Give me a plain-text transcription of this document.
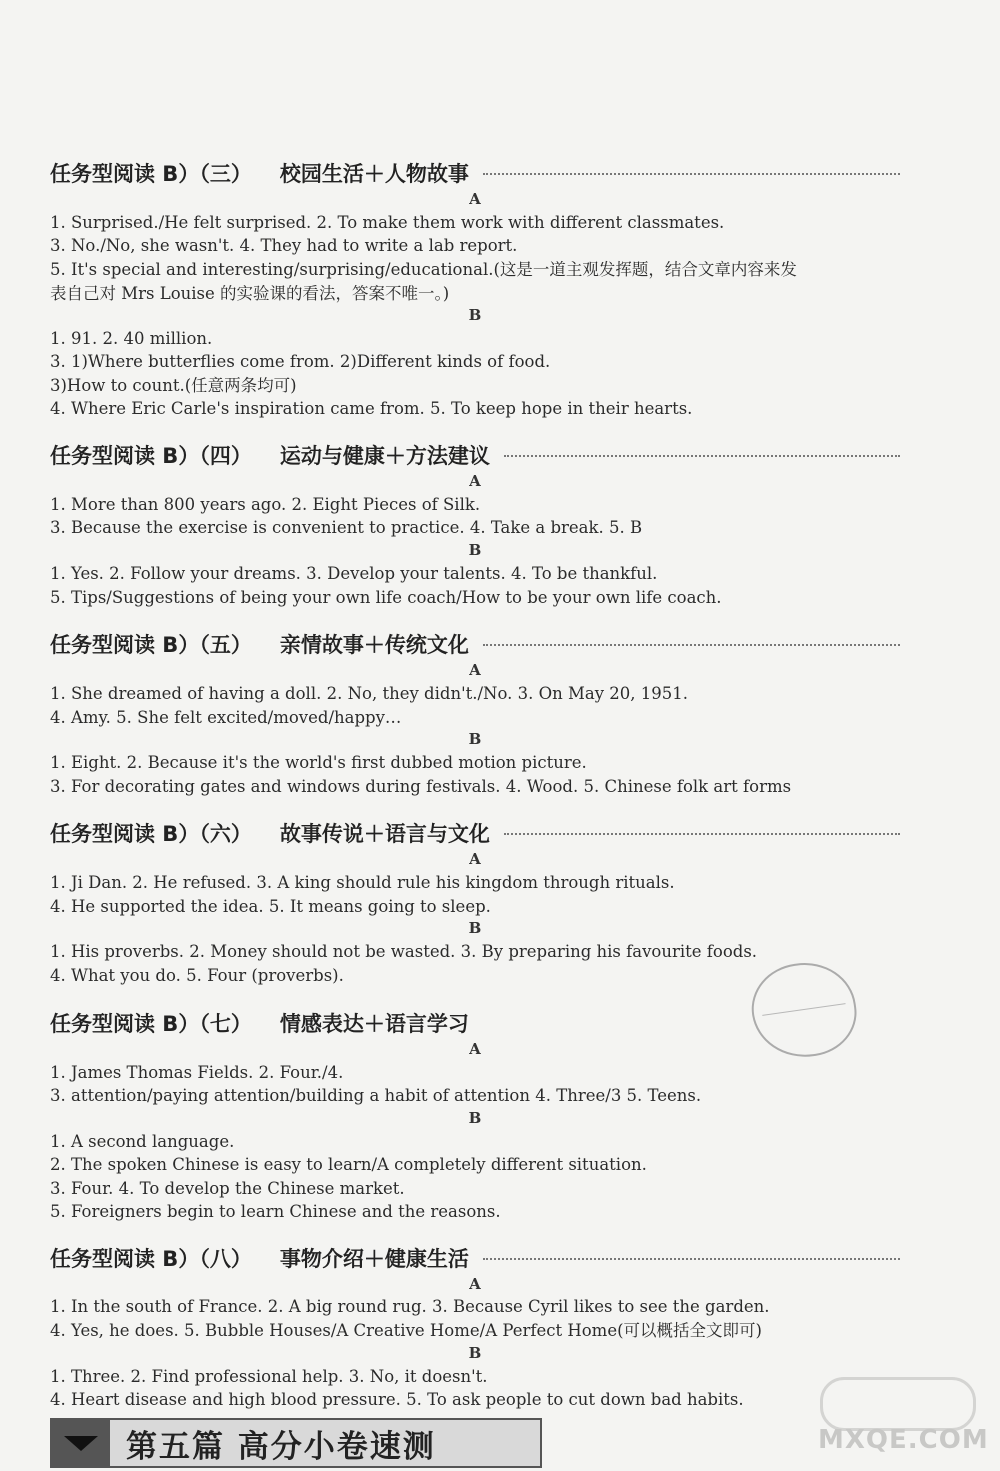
任务型阅读 B）（三） 校园生活＋人物故事
A
1. Surprised./He felt surprised. 2. To make them work with different classmates.
3. No./No, she wasn't. 4. They had to write a lab report.
5. It's special and interesting/surprising/educational.(这是一道主观发挥题，结合文章内容来发
表自己对 Mrs Louise 的实验课的看法，答案不唯一。)
B
1. 91. 2. 40 million.
3. 1)Where butterflies come from. 2)Different kinds of food.
3)How to count.(任意两条均可)
4. Where Eric Carle's inspiration came from. 5. To keep hope in their hearts.
任务型阅读 B）（四） 运动与健康＋方法建议
A
1. More than 800 years ago. 2. Eight Pieces of Silk.
3. Because the exercise is convenient to practice. 4. Take a break. 5. B
B
1. Yes. 2. Follow your dreams. 3. Develop your talents. 4. To be thankful.
5. Tips/Suggestions of being your own life coach/How to be your own life coach.
任务型阅读 B）（五） 亲情故事＋传统文化
A
1. She dreamed of having a doll. 2. No, they didn't./No. 3. On May 20, 1951.
4. Amy. 5. She felt excited/moved/happy…
B
1. Eight. 2. Because it's the world's first dubbed motion picture.
3. For decorating gates and windows during festivals. 4. Wood. 5. Chinese folk art forms
任务型阅读 B）（六） 故事传说＋语言与文化
A
1. Ji Dan. 2. He refused. 3. A king should rule his kingdom through rituals.
4. He supported the idea. 5. It means going to sleep.
B
1. His proverbs. 2. Money should not be wasted. 3. By preparing his favourite foods.
4. What you do. 5. Four (proverbs).
任务型阅读 B）（七） 情感表达＋语言学习
A
1. James Thomas Fields. 2. Four./4.
3. attention/paying attention/building a habit of attention 4. Three/3 5. Teens.
B
1. A second language.
2. The spoken Chinese is easy to learn/A completely different situation.
3. Four. 4. To develop the Chinese market.
5. Foreigners begin to learn Chinese and the reasons.
任务型阅读 B）（八） 事物介绍＋健康生活
A
1. In the south of France. 2. A big round rug. 3. Because Cyril likes to see the garden.
4. Yes, he does. 5. Bubble Houses/A Creative Home/A Perfect Home(可以概括全文即可)
B
1. Three. 2. Find professional help. 3. No, it doesn't.
4. Heart disease and high blood pressure. 5. To ask people to cut down bad habits.
MXQE.COM
第五篇 高分小卷速测
